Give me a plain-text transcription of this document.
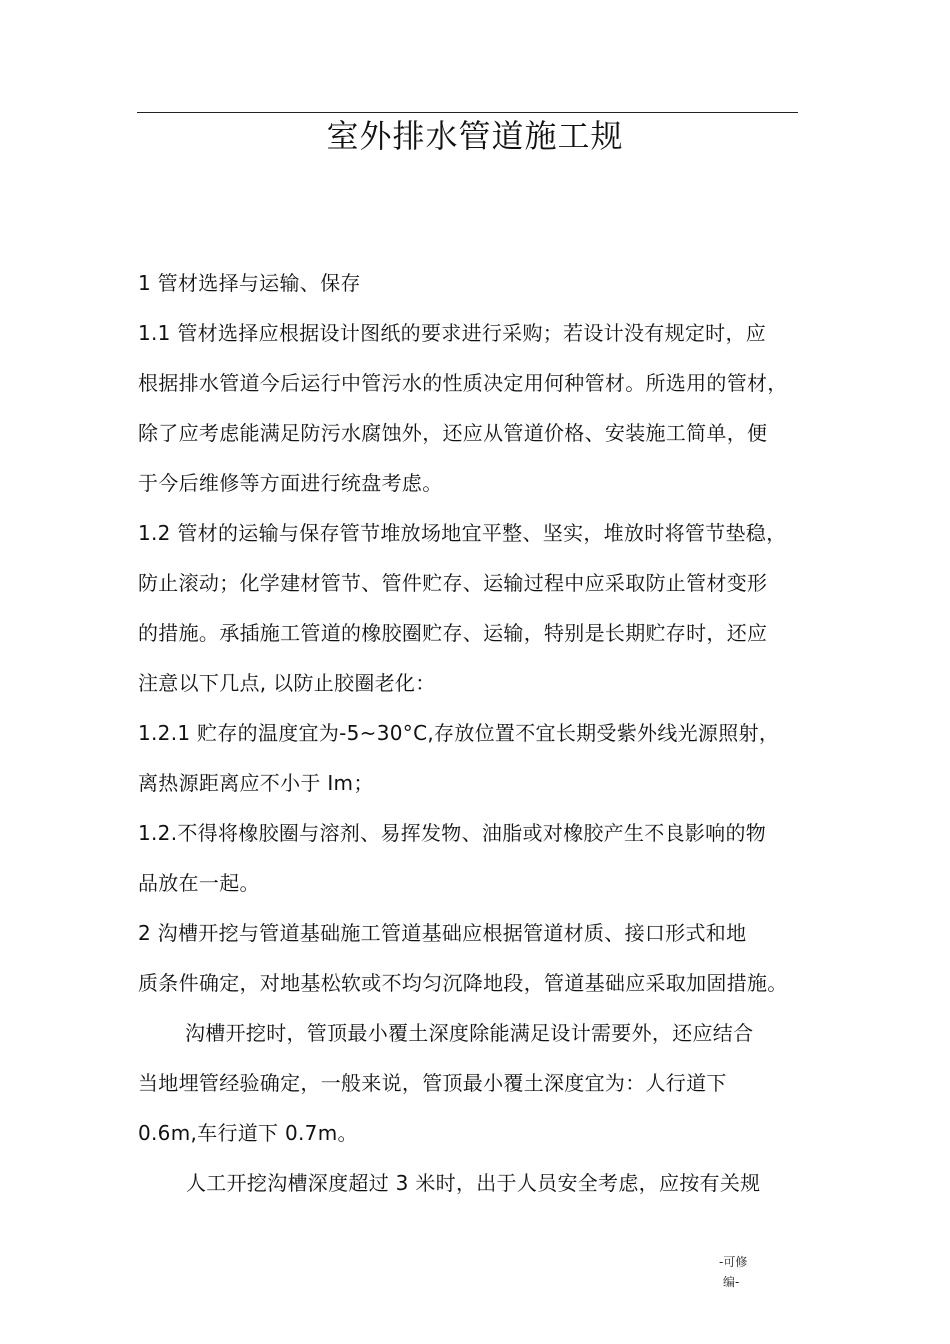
室外排水管道施工规
1 管材选择与运输、保存
1.1 管材选择应根据设计图纸的要求进行采购；若设计没有规定时，应
根据排水管道今后运行中管污水的性质决定用何种管材。所选用的管材，
除了应考虑能满足防污水腐蚀外，还应从管道价格、安装施工简单，便
于今后维修等方面进行统盘考虑。
1.2 管材的运输与保存管节堆放场地宜平整、坚实，堆放时将管节垫稳，
防止滚动；化学建材管节、管件贮存、运输过程中应采取防止管材变形
的措施。承插施工管道的橡胶圈贮存、运输，特别是长期贮存时，还应
注意以下几点, 以防止胶圈老化：
1.2.1 贮存的温度宜为-5~30°C,存放位置不宜长期受紫外线光源照射，
离热源距离应不小于 Im；
1.2.不得将橡胶圈与溶剂、易挥发物、油脂或对橡胶产生不良影响的物
品放在一起。
2 沟槽开挖与管道基础施工管道基础应根据管道材质、接口形式和地
质条件确定，对地基松软或不均匀沉降地段，管道基础应采取加固措施。
沟槽开挖时，管顶最小覆土深度除能满足设计需要外，还应结合
当地埋管经验确定，一般来说，管顶最小覆土深度宜为：人行道下
0.6m,车行道下 0.7m。
人工开挖沟槽深度超过 3 米时，出于人员安全考虑，应按有关规
-可修
编-
